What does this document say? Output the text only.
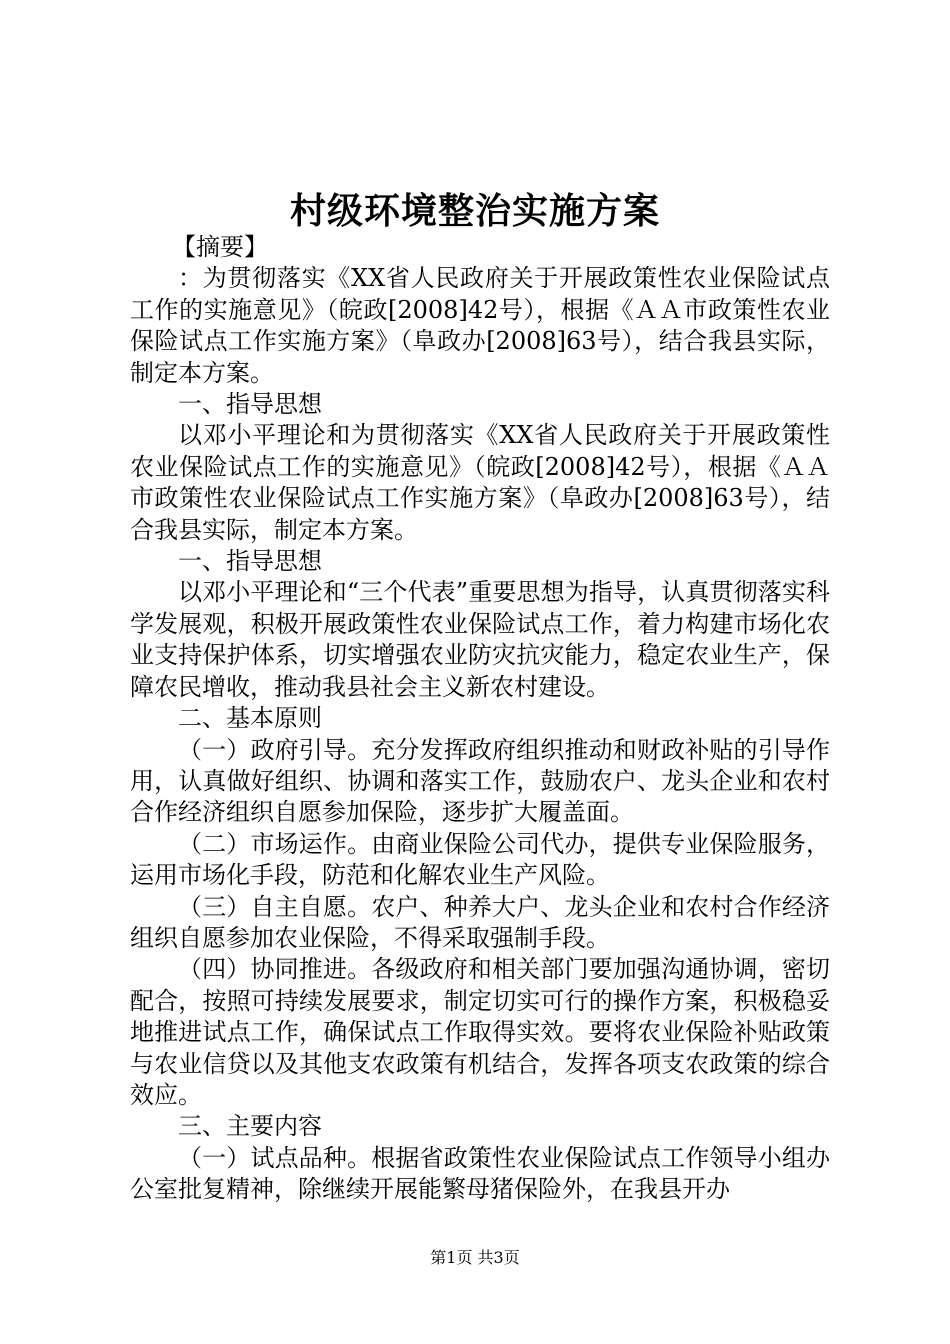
村级环境整治实施方案

【摘要】

：为贯彻落实《XX省人民政府关于开展政策性农业保险试点工作的实施意见》（皖政[2008]42号），根据《ＡＡ市政策性农业保险试点工作实施方案》（阜政办[2008]63号），结合我县实际，制定本方案。

一、指导思想

以邓小平理论和为贯彻落实《XX省人民政府关于开展政策性农业保险试点工作的实施意见》（皖政[2008]42号），根据《ＡＡ市政策性农业保险试点工作实施方案》（阜政办[2008]63号），结合我县实际，制定本方案。

一、指导思想

以邓小平理论和“三个代表”重要思想为指导，认真贯彻落实科学发展观，积极开展政策性农业保险试点工作，着力构建市场化农业支持保护体系，切实增强农业防灾抗灾能力，稳定农业生产，保障农民增收，推动我县社会主义新农村建设。

二、基本原则

（一）政府引导。充分发挥政府组织推动和财政补贴的引导作用，认真做好组织、协调和落实工作，鼓励农户、龙头企业和农村合作经济组织自愿参加保险，逐步扩大履盖面。

（二）市场运作。由商业保险公司代办，提供专业保险服务，运用市场化手段，防范和化解农业生产风险。

（三）自主自愿。农户、种养大户、龙头企业和农村合作经济组织自愿参加农业保险，不得采取强制手段。

（四）协同推进。各级政府和相关部门要加强沟通协调，密切配合，按照可持续发展要求，制定切实可行的操作方案，积极稳妥地推进试点工作，确保试点工作取得实效。要将农业保险补贴政策与农业信贷以及其他支农政策有机结合，发挥各项支农政策的综合效应。

三、主要内容

（一）试点品种。根据省政策性农业保险试点工作领导小组办公室批复精神，除继续开展能繁母猪保险外，在我县开办

第1页 共3页
